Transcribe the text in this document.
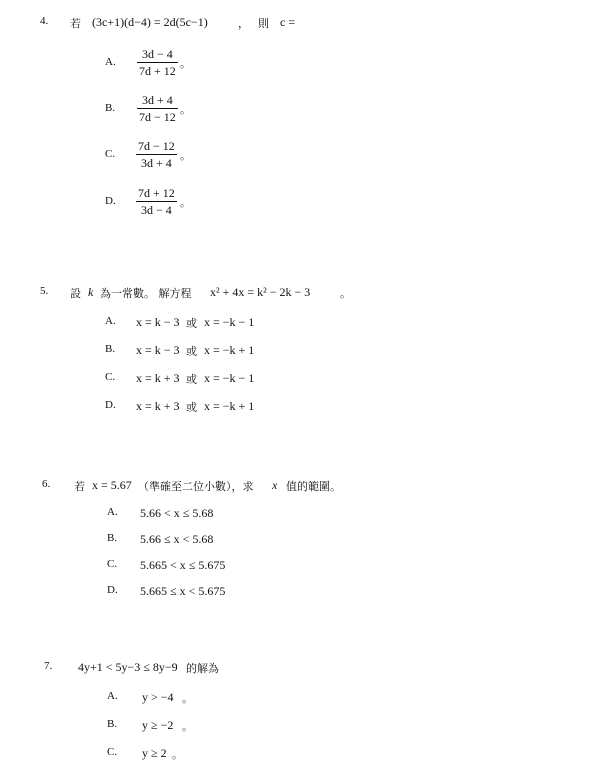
4. 若 (3c+1)(d−4) = 2d(5c−1)	， 則 c =
A.
3d − 4
7d + 12 。
B.
3d + 4
7d − 12 。
C.
7d − 12
3d + 4 。
D.
7d + 12
3d − 4 。
5. 設 k 為一常數。 解方程 x² + 4x = k² − 2k − 3	。
A. x = k − 3 或 x = −k − 1
B. x = k − 3 或 x = −k + 1
C. x = k + 3 或 x = −k − 1
D. x = k + 3 或 x = −k + 1
6. 若 x = 5.67 （準確至二位小數），求 x 值的範圍。
A. 5.66 < x ≤ 5.68
B. 5.66 ≤ x < 5.68
C. 5.665 < x ≤ 5.675
D. 5.665 ≤ x < 5.675
7. 4y+1 < 5y−3 ≤ 8y−9 的解為
A. y > −4 。
B. y ≥ −2 。
C. y ≥ 2 。
